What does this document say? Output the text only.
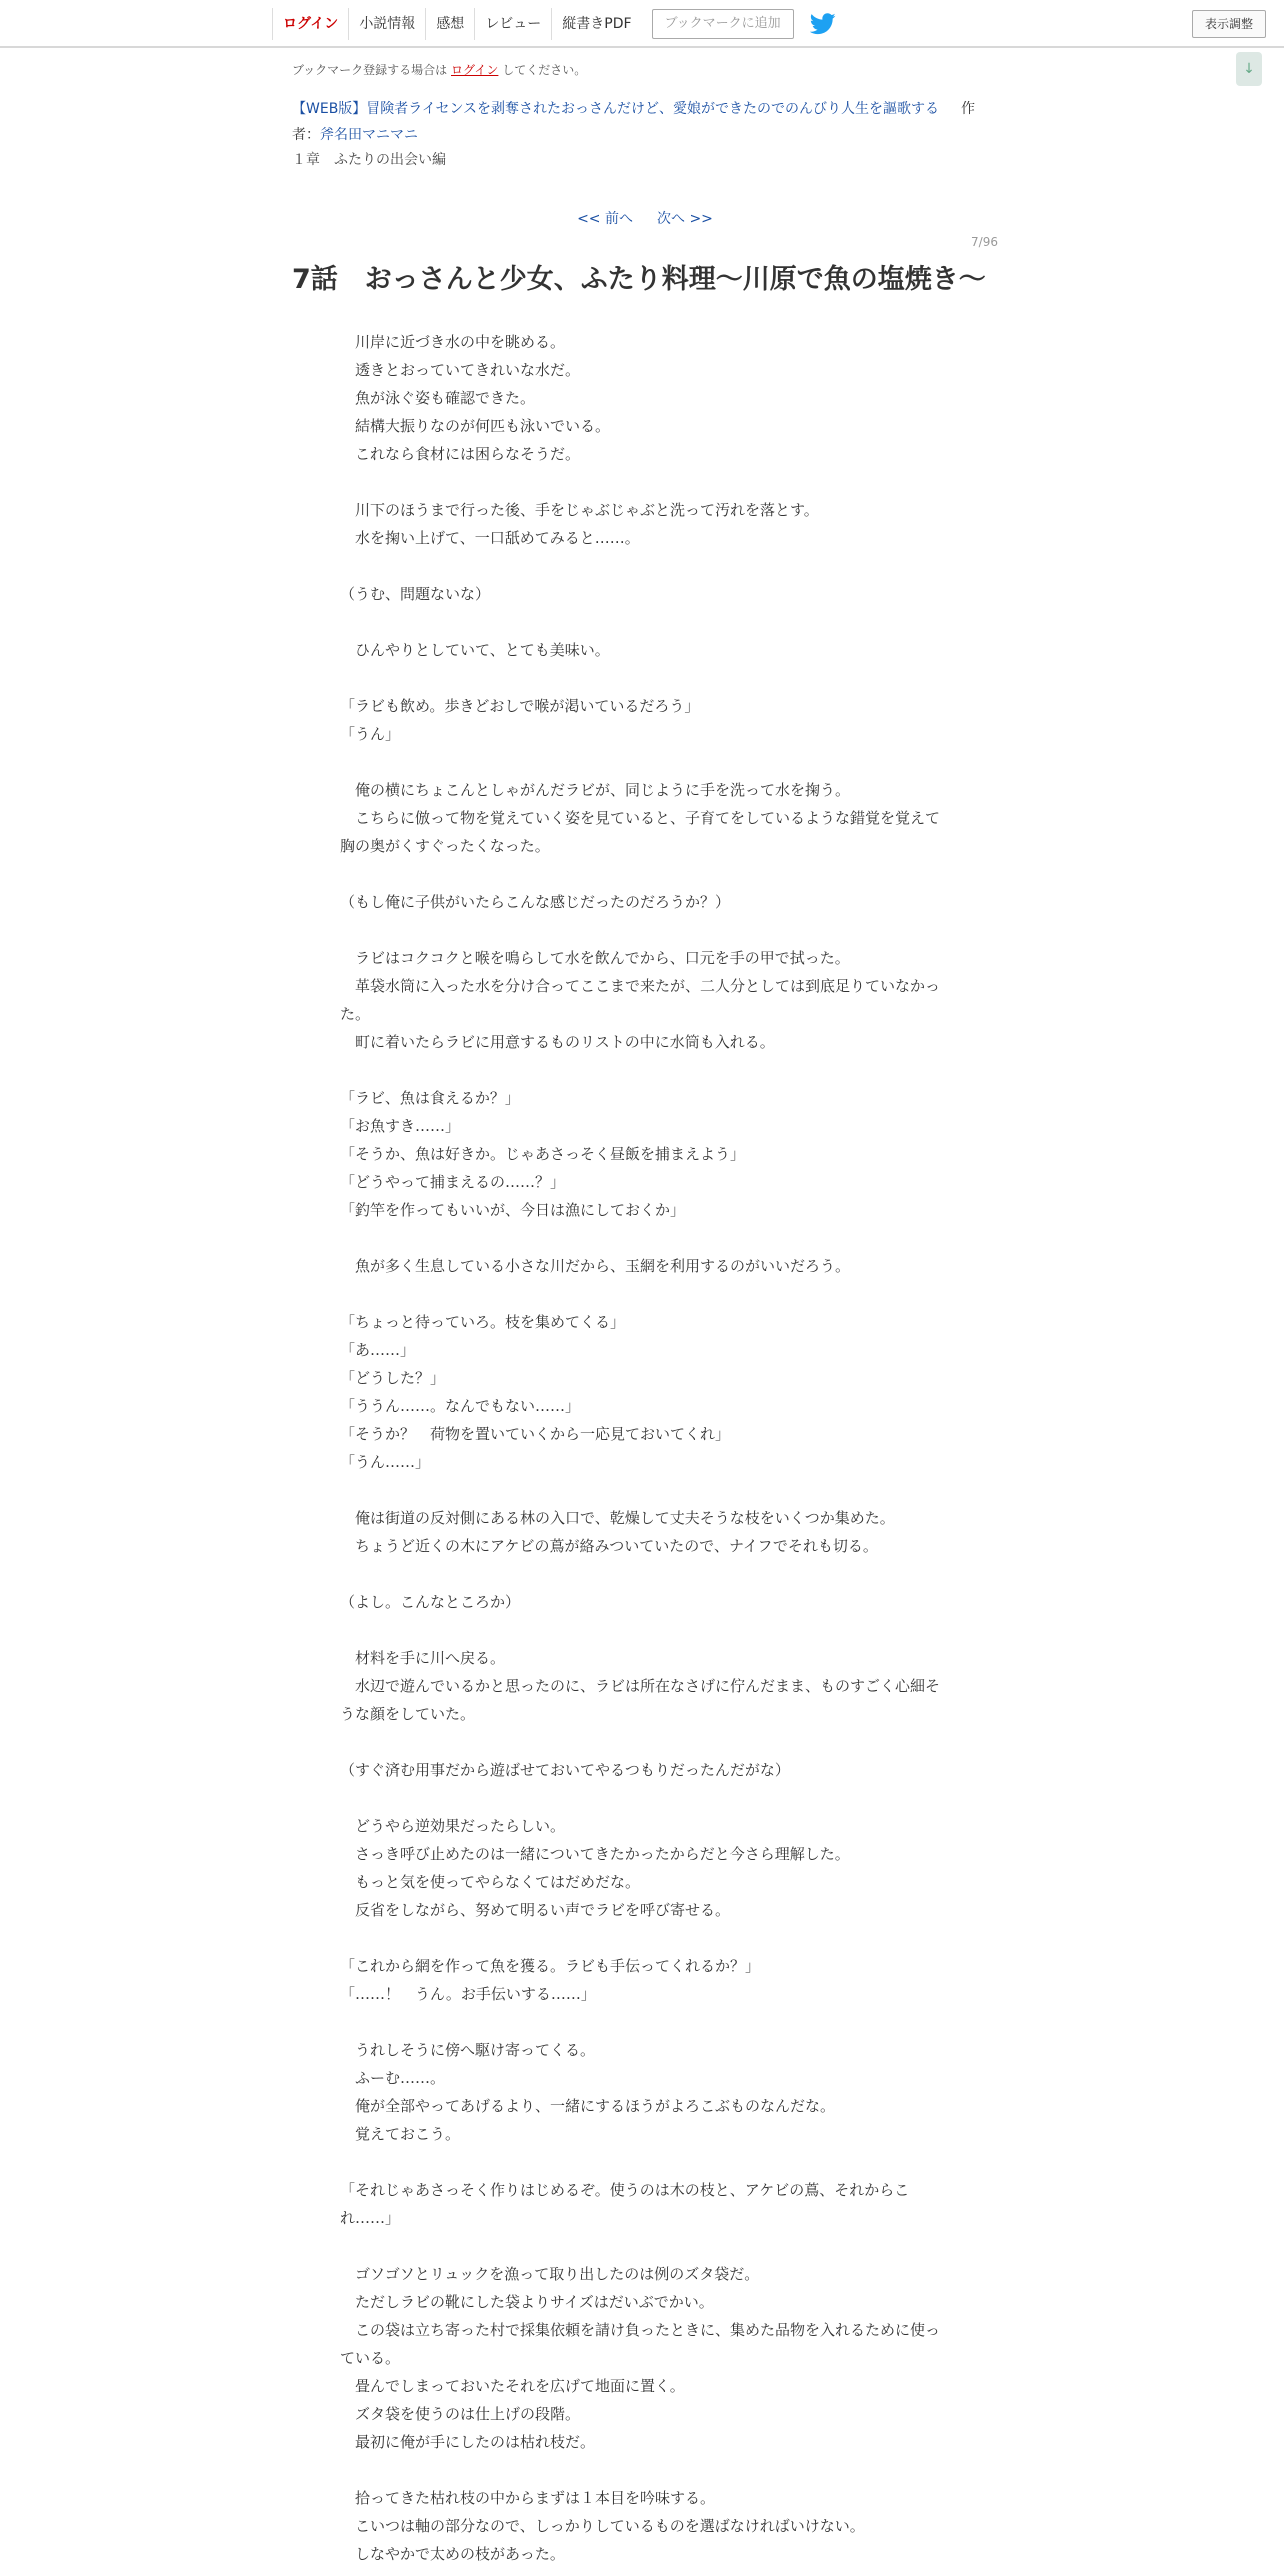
ログイン	小説情報	感想	レビュー	縦書きPDF	ブックマークに追加	表示調整
↓
ブックマーク登録する場合は ログイン してください。
【WEB版】冒険者ライセンスを剥奪されたおっさんだけど、愛娘ができたのでのんびり人生を謳歌する 作者：斧名田マニマニ
１章　ふたりの出会い編
<< 前へ 次へ >>
7/96
7話　おっさんと少女、ふたり料理～川原で魚の塩焼き～
　川岸に近づき水の中を眺める。
　透きとおっていてきれいな水だ。
　魚が泳ぐ姿も確認できた。
　結構大振りなのが何匹も泳いでいる。
　これなら食材には困らなそうだ。
　川下のほうまで行った後、手をじゃぶじゃぶと洗って汚れを落とす。
　水を掬い上げて、一口舐めてみると……。
（うむ、問題ないな）
　ひんやりとしていて、とても美味い。
「ラビも飲め。歩きどおしで喉が渇いているだろう」
「うん」
　俺の横にちょこんとしゃがんだラビが、同じように手を洗って水を掬う。
　こちらに倣って物を覚えていく姿を見ていると、子育てをしているような錯覚を覚えて胸の奥がくすぐったくなった。
（もし俺に子供がいたらこんな感じだったのだろうか？）
　ラビはコクコクと喉を鳴らして水を飲んでから、口元を手の甲で拭った。
　革袋水筒に入った水を分け合ってここまで来たが、二人分としては到底足りていなかった。
　町に着いたらラビに用意するものリストの中に水筒も入れる。
「ラビ、魚は食えるか？」
「お魚すき……」
「そうか、魚は好きか。じゃあさっそく昼飯を捕まえよう」
「どうやって捕まえるの……？」
「釣竿を作ってもいいが、今日は漁にしておくか」
　魚が多く生息している小さな川だから、玉網を利用するのがいいだろう。
「ちょっと待っていろ。枝を集めてくる」
「あ……」
「どうした？」
「ううん……。なんでもない……」
「そうか？　荷物を置いていくから一応見ておいてくれ」
「うん……」
　俺は街道の反対側にある林の入口で、乾燥して丈夫そうな枝をいくつか集めた。
　ちょうど近くの木にアケビの蔦が絡みついていたので、ナイフでそれも切る。
（よし。こんなところか）
　材料を手に川へ戻る。
　水辺で遊んでいるかと思ったのに、ラビは所在なさげに佇んだまま、ものすごく心細そうな顔をしていた。
（すぐ済む用事だから遊ばせておいてやるつもりだったんだがな）
　どうやら逆効果だったらしい。
　さっき呼び止めたのは一緒についてきたかったからだと今さら理解した。
　もっと気を使ってやらなくてはだめだな。
　反省をしながら、努めて明るい声でラビを呼び寄せる。
「これから網を作って魚を獲る。ラビも手伝ってくれるか？」
「……！　うん。お手伝いする……」
　うれしそうに傍へ駆け寄ってくる。
　ふーむ……。
　俺が全部やってあげるより、一緒にするほうがよろこぶものなんだな。
　覚えておこう。
「それじゃあさっそく作りはじめるぞ。使うのは木の枝と、アケビの蔦、それからこれ……」
　ゴソゴソとリュックを漁って取り出したのは例のズタ袋だ。
　ただしラビの靴にした袋よりサイズはだいぶでかい。
　この袋は立ち寄った村で採集依頼を請け負ったときに、集めた品物を入れるために使っている。
　畳んでしまっておいたそれを広げて地面に置く。
　ズタ袋を使うのは仕上げの段階。
　最初に俺が手にしたのは枯れ枝だ。
　拾ってきた枯れ枝の中からまずは１本目を吟味する。
　こいつは軸の部分なので、しっかりしているものを選ばなければいけない。
　しなやかで太めの枝があった。
